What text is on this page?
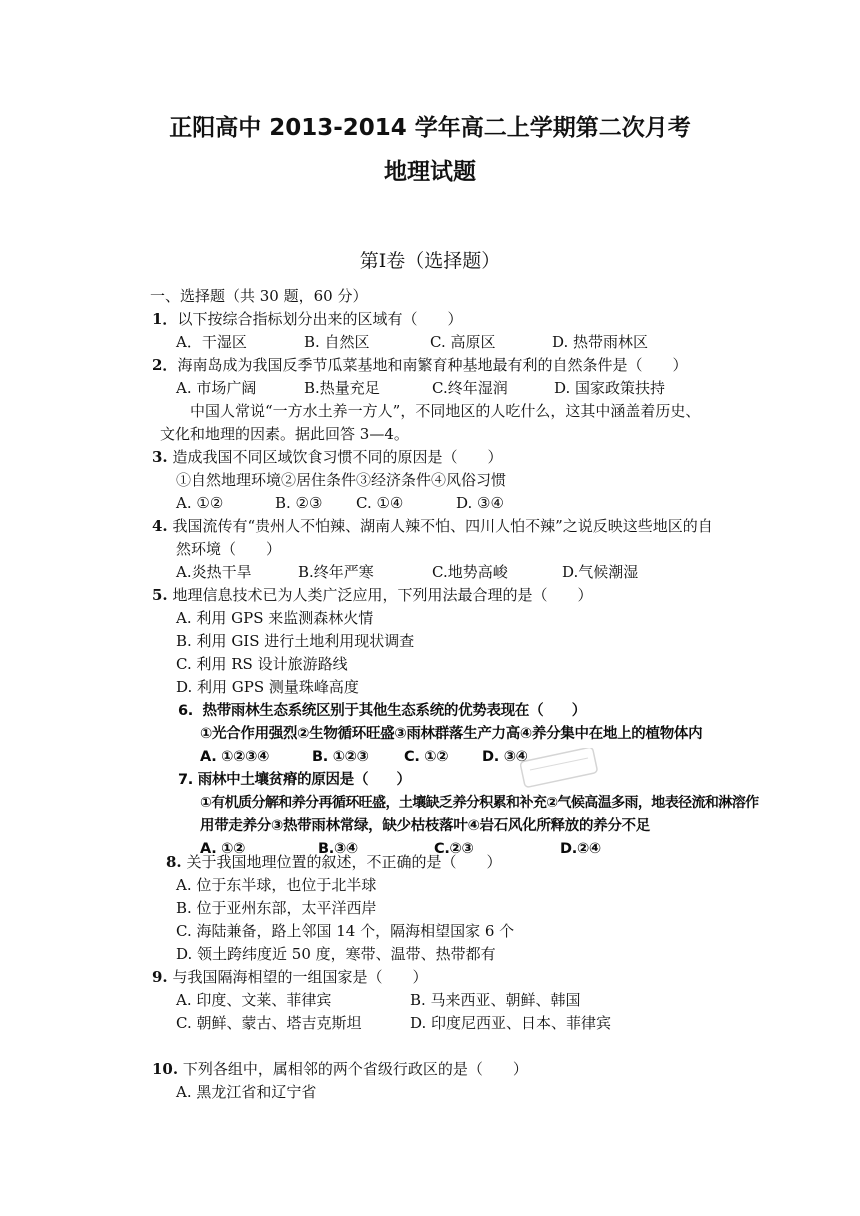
正阳高中 2013-2014 学年高二上学期第二次月考
地理试题
第Ⅰ卷（选择题）
一、选择题（共 30 题，60 分）
1．以下按综合指标划分出来的区域有（　　）
A．干湿区	B. 自然区	C. 高原区	D. 热带雨林区
2．海南岛成为我国反季节瓜菜基地和南繁育种基地最有利的自然条件是（　　）
A. 市场广阔	B.热量充足	C.终年湿润	D. 国家政策扶持
中国人常说“一方水土养一方人”，不同地区的人吃什么，这其中涵盖着历史、
文化和地理的因素。据此回答 3—4。
3. 造成我国不同区域饮食习惯不同的原因是（　　）
①自然地理环境②居住条件③经济条件④风俗习惯
A. ①②	B. ②③ C. ①④	D. ③④
4. 我国流传有“贵州人不怕辣、湖南人辣不怕、四川人怕不辣”之说反映这些地区的自
然环境（　　）
A.炎热干旱	B.终年严寒	C.地势高峻	D.气候潮湿
5. 地理信息技术已为人类广泛应用，下列用法最合理的是（　　）
A. 利用 GPS 来监测森林火情
B. 利用 GIS 进行土地利用现状调查
C. 利用 RS 设计旅游路线
D. 利用 GPS 测量珠峰高度
6. 热带雨林生态系统区别于其他生态系统的优势表现在（　　）
①光合作用强烈②生物循环旺盛③雨林群落生产力高④养分集中在地上的植物体内
A. ①②③④	B. ①②③ C. ①② D. ③④
7. 雨林中土壤贫瘠的原因是（　　）
①有机质分解和养分再循环旺盛，土壤缺乏养分积累和补充②气候高温多雨，地表径流和淋溶作
用带走养分③热带雨林常绿，缺少枯枝落叶④岩石风化所释放的养分不足
A. ①②	B.③④	C.②③	D.②④
8. 关于我国地理位置的叙述，不正确的是（　　）
A. 位于东半球，也位于北半球
B. 位于亚州东部，太平洋西岸
C. 海陆兼备，路上邻国 14 个，隔海相望国家 6 个
D. 领土跨纬度近 50 度，寒带、温带、热带都有
9. 与我国隔海相望的一组国家是（　　）
A. 印度、文莱、菲律宾	B. 马来西亚、朝鲜、韩国
C. 朝鲜、蒙古、塔吉克斯坦	D. 印度尼西亚、日本、菲律宾
10. 下列各组中，属相邻的两个省级行政区的是（　　）
A. 黑龙江省和辽宁省
